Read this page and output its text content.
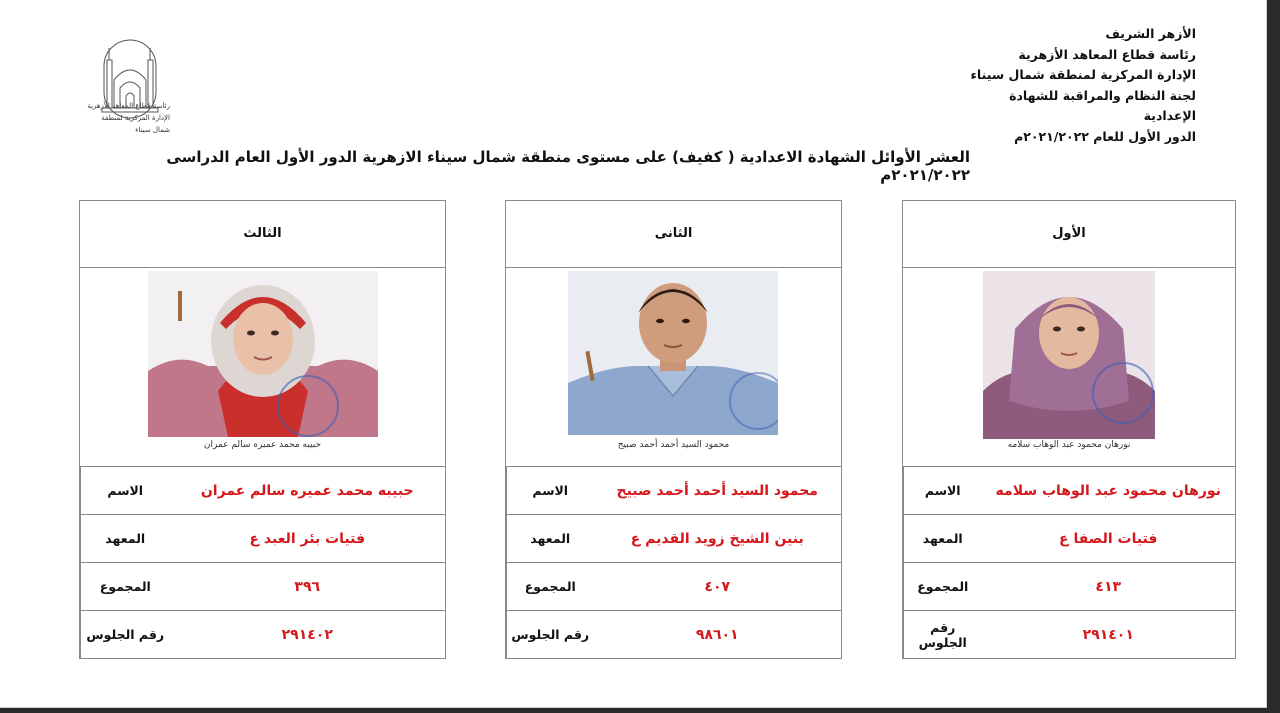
الأزهر الشريف
رئاسة قطاع المعاهد الأزهرية
الإدارة المركزية لمنطقة شمال سيناء
لجنة النظام والمراقبة للشهادة الإعدادية
الدور الأول للعام ٢٠٢١/٢٠٢٢م
رئاسة قطاع المعاهد الأزهرية
الإدارة المركزية لمنطقة شمال سيناء
العشر الأوائل الشهادة الاعدادية ( كفيف) على مستوى منطقة شمال سيناء الازهرية الدور الأول العام الدراسى ٢٠٢١/٢٠٢٢م
الثالث
حبيبه محمد عميره سالم عمران
الاسم	حبيبه محمد عميره سالم عمران
المعهد	فتيات بئر العبد ع
المجموع	٣٩٦
رقم الجلوس	٢٩١٤٠٢
الثانى
محمود السيد أحمد أحمد صبيح
الاسم	محمود السيد أحمد أحمد صبيح
المعهد	بنين الشيخ زويد القديم ع
المجموع	٤٠٧
رقم الجلوس	٩٨٦٠١
الأول
نورهان محمود عبد الوهاب سلامه
الاسم	نورهان محمود عبد الوهاب سلامه
المعهد	فتيات الصفا ع
المجموع	٤١٣
رقم الجلوس	٢٩١٤٠١
